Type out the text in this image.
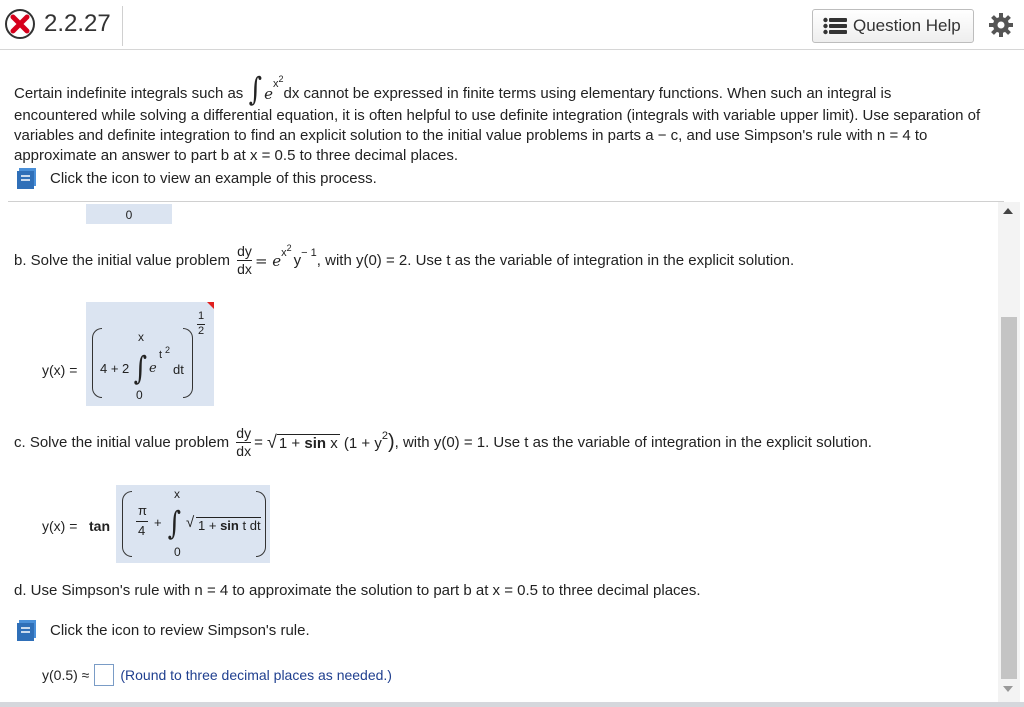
2.2.27	Question Help
Certain indefinite integrals such as
∫ e
$x^2$
dx cannot be expressed in finite terms using elementary functions. When such an integral is
encountered while solving a differential equation, it is often helpful to use definite integration (integrals with variable upper limit). Use separation of variables and definite integration to find an explicit solution to the initial value problems in parts a − c, and use Simpson's rule with n = 4 to approximate an answer to part b at x = 0.5 to three decimal places.
Click the icon to view an example of this process.
0
b. Solve the initial value problem
$\frac{dy}{dx} = e$ $x^2$
y − 1 , with y(0) = 2. Use t as the variable of integration in the explicit solution.
y(x) =
x
4 + 2 ∫ e
t 2
dt
0
1
2
c. Solve the initial value problem
$\frac{dy}{dx}$ =
√ 1 + sin x
(1 + y 2 ) , with y(0) = 1. Use t as the variable of integration in the explicit solution.
y(x) = tan
π
4
+
x
∫ √ 1 + sin t dt
0
d. Use Simpson's rule with n = 4 to approximate the solution to part b at x = 0.5 to three decimal places.
Click the icon to review Simpson's rule.
y(0.5) ≈ (Round to three decimal places as needed.)
